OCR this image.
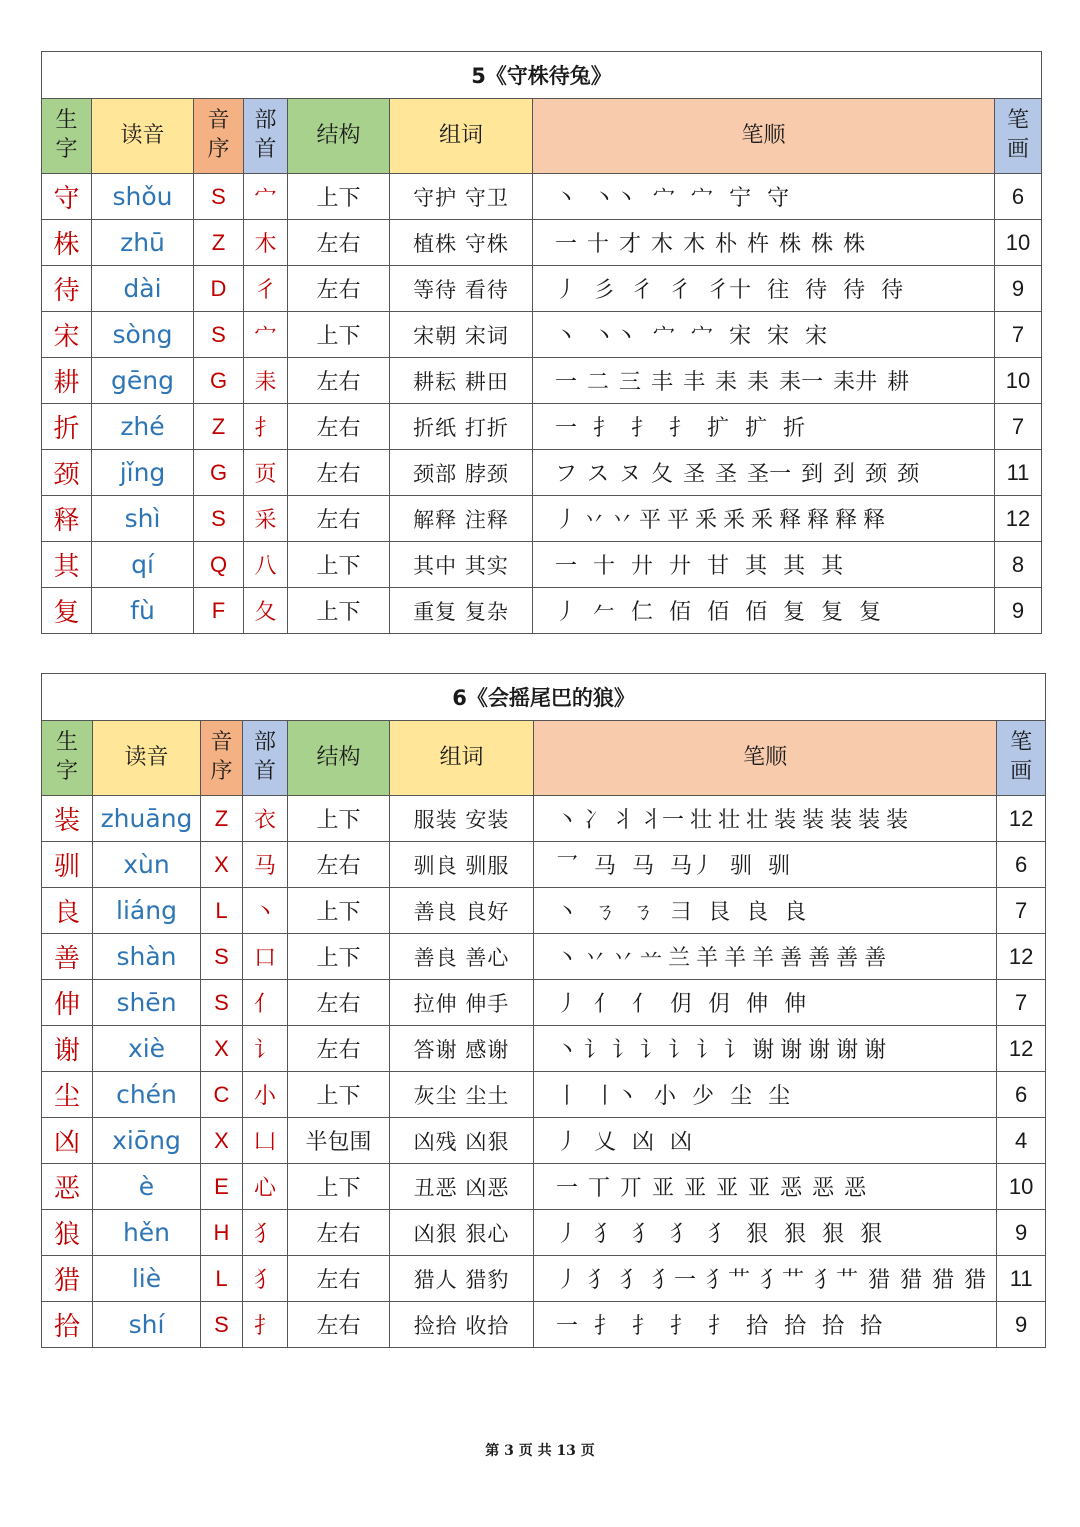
5《守株待兔》							
生字	读音	音序	部首	结构	组词	笔顺	笔画
守	shǒu	S	宀	上下	守护 守卫	丶 丶丶 宀 宀 宁 守	6
株	zhū	Z	木	左右	植株 守株	一 十 才 木 木 朴 杵 株 株 株	10
待	dài	D	彳	左右	等待 看待	丿 彡 彳 彳 彳十 往 待 待 待	9
宋	sòng	S	宀	上下	宋朝 宋词	丶 丶丶 宀 宀 宋 宋 宋	7
耕	gēng	G	耒	左右	耕耘 耕田	一 二 三 丰 丰 耒 耒 耒一 耒井 耕	10
折	zhé	Z	扌	左右	折纸 打折	一 扌 扌 扌 扩 扩 折	7
颈	jǐng	G	页	左右	颈部 脖颈	フ ス ヌ 夂 圣 圣 圣一 到 刭 颈 颈	11
释	shì	S	采	左右	解释 注释	丿 丷 丷 平 平 釆 釆 釆 释 释 释 释	12
其	qí	Q	八	上下	其中 其实	一 十 廾 廾 甘 其 其 其	8
复	fù	F	夂	上下	重复 复杂	丿 𠂉 仁 佰 佰 佰 复 复 复	9
6《会摇尾巴的狼》							
生字	读音	音序	部首	结构	组词	笔顺	笔画
装	zhuāng	Z	衣	上下	服装 安装	丶 冫 丬 丬一 壮 壮 壮 装 装 装 装 装	12
驯	xùn	X	马	左右	驯良 驯服	乛 马 马 马丿 驯 驯	6
良	liáng	L	丶	上下	善良 良好	丶 ㄋ ㄋ 彐 艮 良 良	7
善	shàn	S	口	上下	善良 善心	丶 丷 丷 䒑 兰 羊 羊 羊 善 善 善 善	12
伸	shēn	S	亻	左右	拉伸 伸手	丿 亻 亻 仴 仴 伸 伸	7
谢	xiè	X	讠	左右	答谢 感谢	丶 讠 讠 讠 讠 讠 讠 谢 谢 谢 谢 谢	12
尘	chén	C	小	上下	灰尘 尘土	丨 丨丶 小 少 尘 尘	6
凶	xiōng	X	凵	半包围	凶残 凶狠	丿 乂 凶 凶	4
恶	è	E	心	上下	丑恶 凶恶	一 丅 丌 亚 亚 亚 亚 恶 恶 恶	10
狼	hěn	H	犭	左右	凶狠 狠心	丿 犭 犭 犭 犭 狠 狠 狠 狠	9
猎	liè	L	犭	左右	猎人 猎豹	丿 犭 犭 犭一 犭艹 犭艹 犭艹 猎 猎 猎 猎	11
拾	shí	S	扌	左右	捡拾 收拾	一 扌 扌 扌 扌 拾 拾 拾 拾	9
第 3 页 共 13 页
